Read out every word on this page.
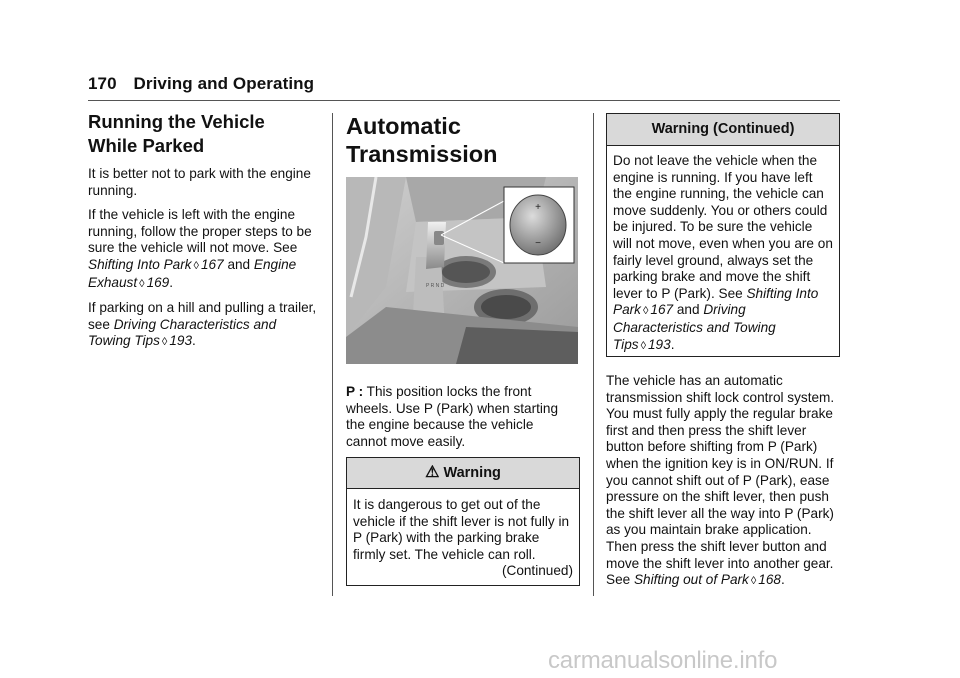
170 Driving and Operating
Running the Vehicle
While Parked

It is better not to park with the engine running.

If the vehicle is left with the engine running, follow the proper steps to be sure the vehicle will not move. See Shifting Into Park ◊ 167 and Engine Exhaust ◊ 169.

If parking on a hill and pulling a trailer, see Driving Characteristics and Towing Tips ◊ 193.

Automatic
Transmission
P R N D
+
−

P : This position locks the front wheels. Use P (Park) when starting the engine because the vehicle cannot move easily.

⚠ Warning
It is dangerous to get out of the vehicle if the shift lever is not fully in P (Park) with the parking brake firmly set. The vehicle can roll.
(Continued)
Warning (Continued)
Do not leave the vehicle when the engine is running. If you have left the engine running, the vehicle can move suddenly. You or others could be injured. To be sure the vehicle will not move, even when you are on fairly level ground, always set the parking brake and move the shift lever to P (Park). See Shifting Into Park ◊ 167 and Driving Characteristics and Towing Tips ◊ 193.

The vehicle has an automatic transmission shift lock control system. You must fully apply the regular brake first and then press the shift lever button before shifting from P (Park) when the ignition key is in ON/RUN. If you cannot shift out of P (Park), ease pressure on the shift lever, then push the shift lever all the way into P (Park) as you maintain brake application. Then press the shift lever button and move the shift lever into another gear. See Shifting out of Park ◊ 168.

carmanualsonline.info
